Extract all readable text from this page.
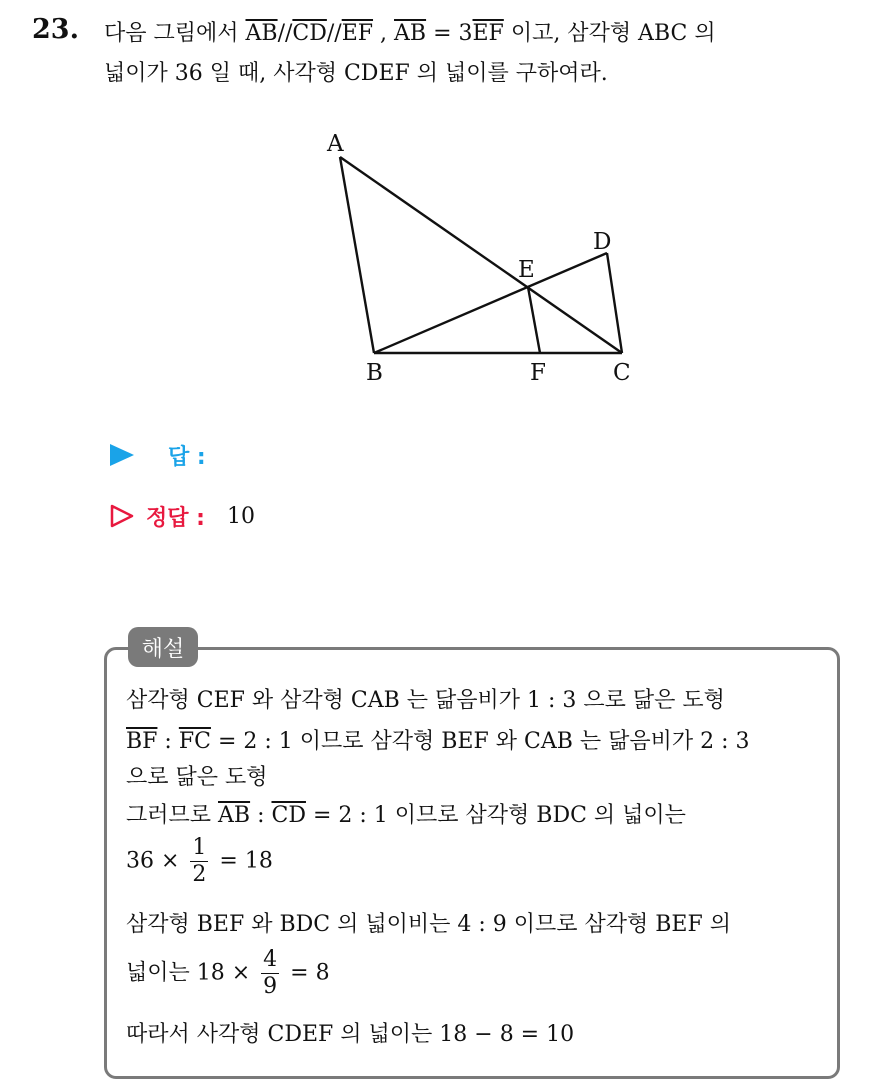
23. 다음 그림에서 $\overline{AB}//\overline{CD}//\overline{EF}$ , $\overline{AB} = 3\overline{EF}$ 이고, 삼각형 ABC 의
넓이가 36 일 때, 사각형 CDEF 의 넓이를 구하여라.
A
B	C
D
E
F
답 :
정답 : 10
해설
삼각형 CEF 와 삼각형 CAB 는 닮음비가 1 : 3 으로 닮은 도형
$\overline{BF}$ : $\overline{FC} = 2$ : 1 이므로 삼각형 BEF 와 CAB 는 닮음비가 2 : 3
으로 닮은 도형
그러므로 $\overline{AB}$ : $\overline{CD} = 2$ : 1 이므로 삼각형 BDC 의 넓이는
$36 \times \frac{1}{2} = 18$
삼각형 BEF 와 BDC 의 넓이비는 4 : 9 이므로 삼각형 BEF 의
넓이는 $18 \times \frac{4}{9} = 8$
따라서 사각형 CDEF 의 넓이는 18 − 8 = 10
